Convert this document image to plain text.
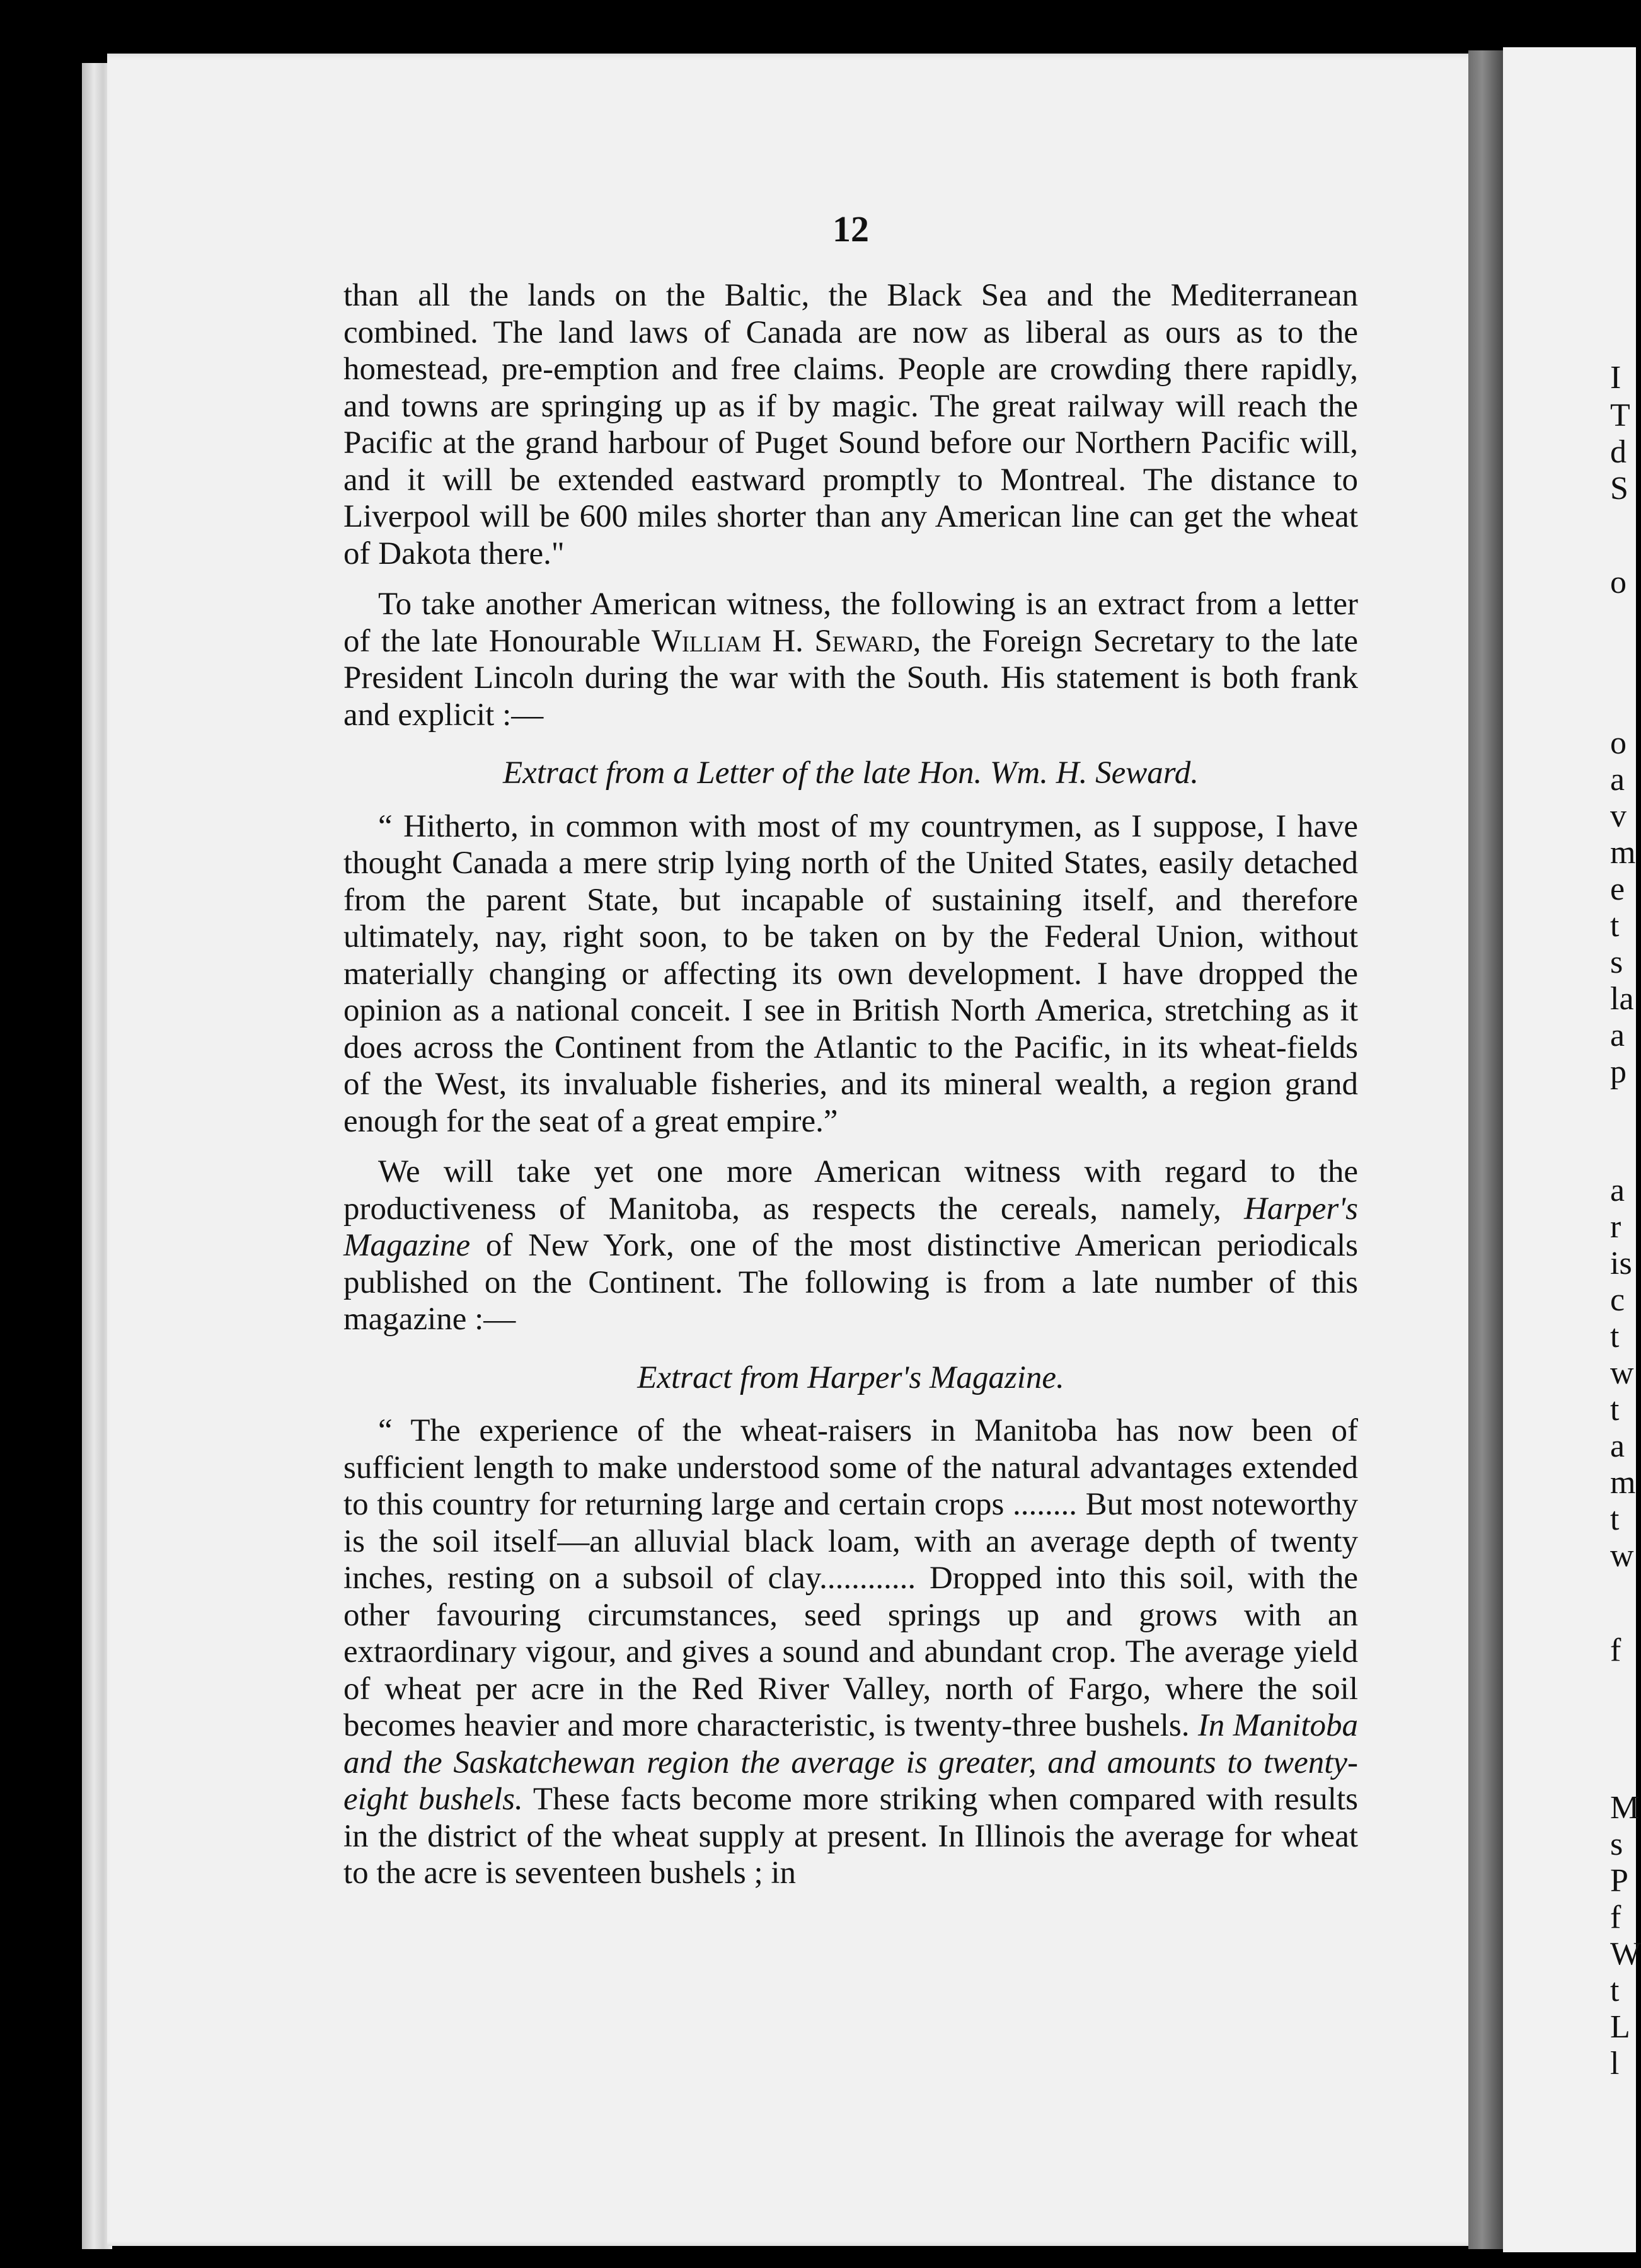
12

than all the lands on the Baltic, the Black Sea and the Mediterranean combined. The land laws of Canada are now as liberal as ours as to the homestead, pre-emption and free claims. People are crowding there rapidly, and towns are springing up as if by magic. The great railway will reach the Pacific at the grand harbour of Puget Sound before our Northern Pacific will, and it will be extended eastward promptly to Montreal. The distance to Liverpool will be 600 miles shorter than any American line can get the wheat of Dakota there."

To take another American witness, the following is an extract from a letter of the late Honourable William H. Seward, the Foreign Secretary to the late President Lincoln during the war with the South. His statement is both frank and explicit :—

Extract from a Letter of the late Hon. Wm. H. Seward.

“ Hitherto, in common with most of my countrymen, as I suppose, I have thought Canada a mere strip lying north of the United States, easily detached from the parent State, but incapable of sustaining itself, and therefore ultimately, nay, right soon, to be taken on by the Federal Union, without materially changing or affecting its own development. I have dropped the opinion as a national conceit. I see in British North America, stretching as it does across the Continent from the Atlantic to the Pacific, in its wheat-fields of the West, its invaluable fisheries, and its mineral wealth, a region grand enough for the seat of a great empire.”

We will take yet one more American witness with regard to the productiveness of Manitoba, as respects the cereals, namely, Harper's Magazine of New York, one of the most distinctive American periodicals published on the Continent. The following is from a late number of this magazine :—

Extract from Harper's Magazine.

“ The experience of the wheat-raisers in Manitoba has now been of sufficient length to make understood some of the natural advantages extended to this country for returning large and certain crops ........ But most noteworthy is the soil itself—an alluvial black loam, with an average depth of twenty inches, resting on a subsoil of clay............ Dropped into this soil, with the other favouring circumstances, seed springs up and grows with an extraordinary vigour, and gives a sound and abundant crop. The average yield of wheat per acre in the Red River Valley, north of Fargo, where the soil becomes heavier and more characteristic, is twenty-three bushels. In Manitoba and the Saskatchewan region the average is greater, and amounts to twenty-eight bushels. These facts become more striking when compared with results in the district of the wheat supply at present. In Illinois the average for wheat to the acre is seventeen bushels ; in

I
T
d
S
o
o
a
v
m
e
t
s
la
a
p
a
r
is
c
t
w
t
a
m
t
w
f
M
s
P
f
W
t
L
l
